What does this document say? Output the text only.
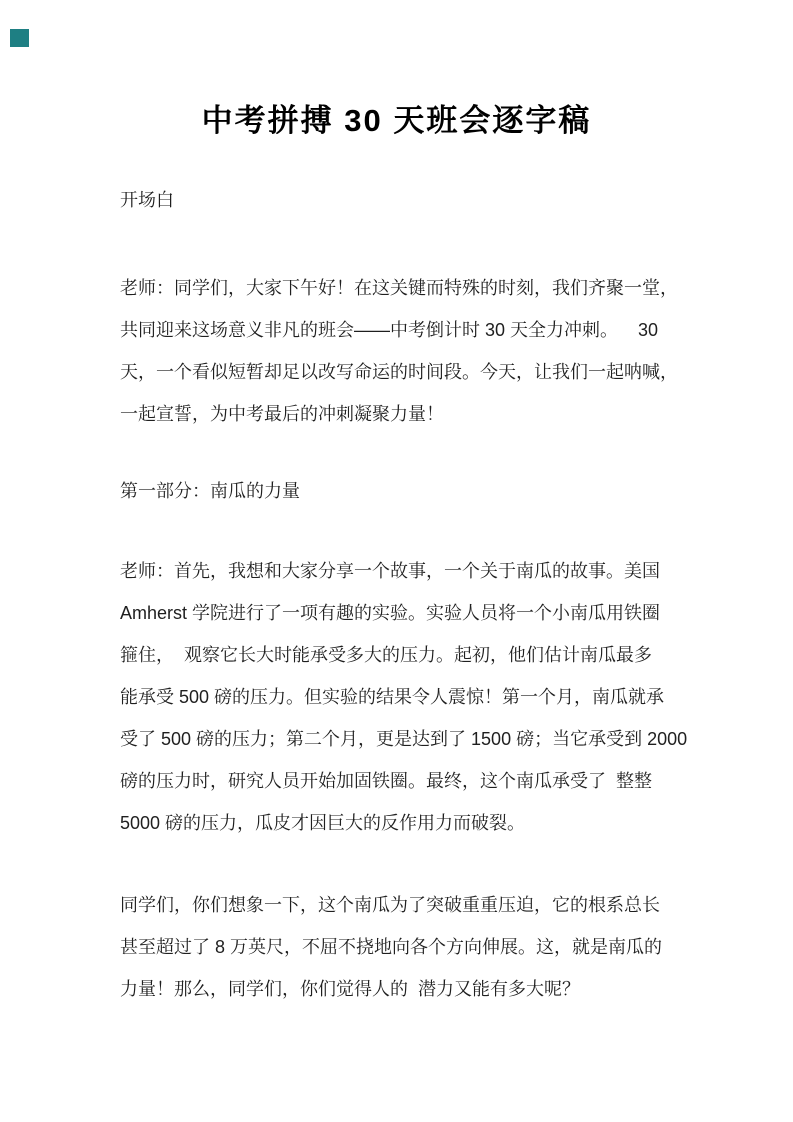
中考拼搏 30 天班会逐字稿
开场白
老师：同学们，大家下午好！在这关键而特殊的时刻，我们齐聚一堂，
共同迎来这场意义非凡的班会——中考倒计时 30 天全力冲刺。    30
天，一个看似短暂却足以改写命运的时间段。今天，让我们一起呐喊，
一起宣誓，为中考最后的冲刺凝聚力量！
第一部分：南瓜的力量
老师：首先，我想和大家分享一个故事，一个关于南瓜的故事。美国
Amherst 学院进行了一项有趣的实验。实验人员将一个小南瓜用铁圈
箍住，  观察它长大时能承受多大的压力。起初，他们估计南瓜最多
能承受 500 磅的压力。但实验的结果令人震惊！第一个月，南瓜就承
受了 500 磅的压力；第二个月，更是达到了 1500 磅；当它承受到 2000
磅的压力时，研究人员开始加固铁圈。最终，这个南瓜承受了  整整
5000 磅的压力，瓜皮才因巨大的反作用力而破裂。
同学们，你们想象一下，这个南瓜为了突破重重压迫，它的根系总长
甚至超过了 8 万英尺，不屈不挠地向各个方向伸展。这，就是南瓜的
力量！那么，同学们，你们觉得人的  潜力又能有多大呢？
